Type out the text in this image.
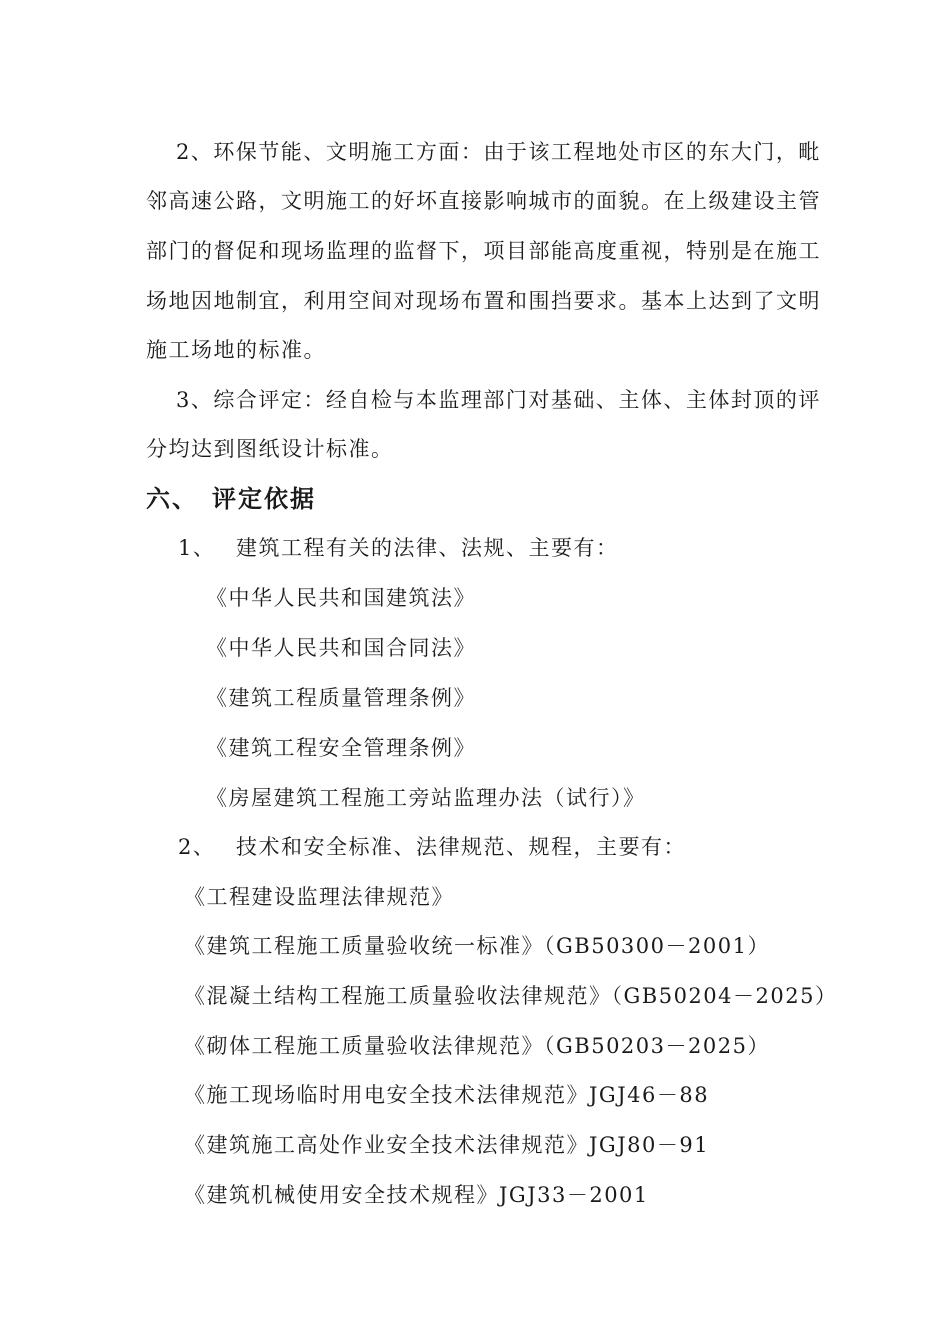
2、环保节能、文明施工方面：由于该工程地处市区的东大门，毗
邻高速公路，文明施工的好坏直接影响城市的面貌。在上级建设主管
部门的督促和现场监理的监督下，项目部能高度重视，特别是在施工
场地因地制宜，利用空间对现场布置和围挡要求。基本上达到了文明
施工场地的标准。
3、综合评定：经自检与本监理部门对基础、主体、主体封顶的评
分均达到图纸设计标准。
六、 评定依据
1、 建筑工程有关的法律、法规、主要有：
《中华人民共和国建筑法》
《中华人民共和国合同法》
《建筑工程质量管理条例》
《建筑工程安全管理条例》
《房屋建筑工程施工旁站监理办法（试行）》
2、 技术和安全标准、法律规范、规程，主要有：
《工程建设监理法律规范》
《建筑工程施工质量验收统一标准》（GB50300－2001）
《混凝土结构工程施工质量验收法律规范》（GB50204－2025）
《砌体工程施工质量验收法律规范》（GB50203－2025）
《施工现场临时用电安全技术法律规范》JGJ46－88
《建筑施工高处作业安全技术法律规范》JGJ80－91
《建筑机械使用安全技术规程》JGJ33－2001
